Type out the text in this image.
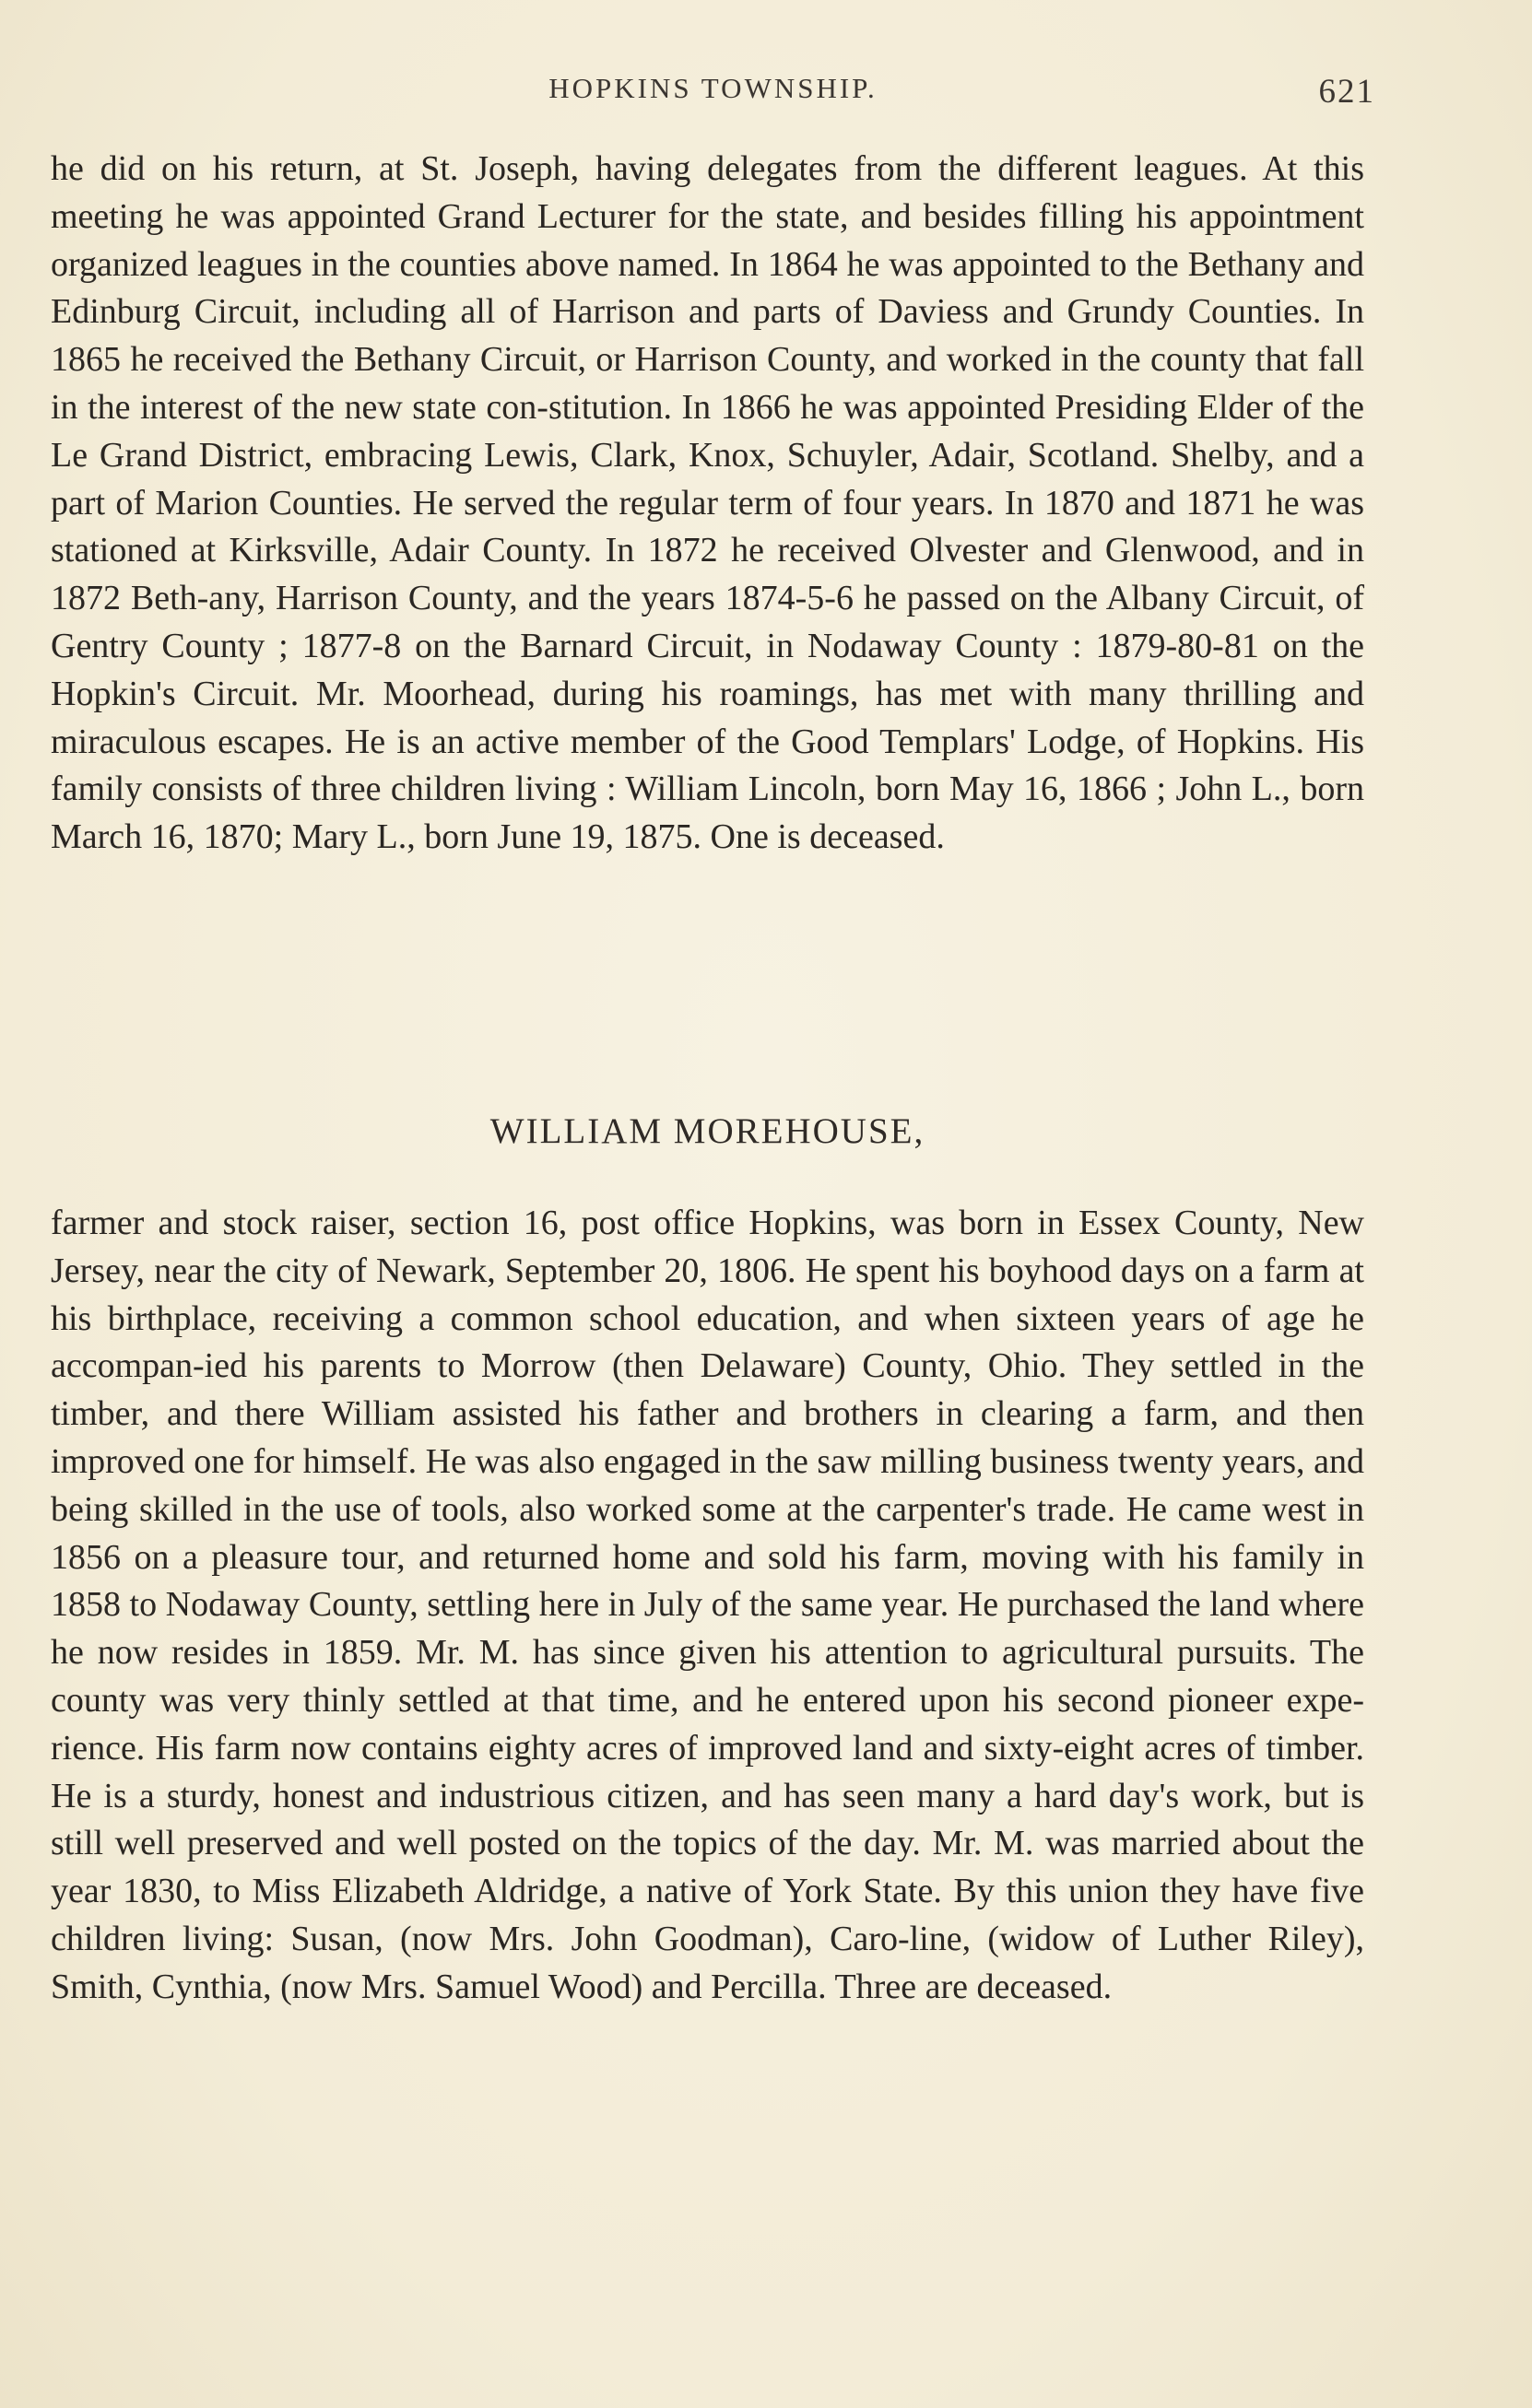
HOPKINS TOWNSHIP.	621

he did on his return, at St. Joseph, having delegates from the different leagues. At this meeting he was appointed Grand Lecturer for the state, and besides filling his appointment organized leagues in the counties above named. In 1864 he was appointed to the Bethany and Edinburg Circuit, including all of Harrison and parts of Daviess and Grundy Counties. In 1865 he received the Bethany Circuit, or Harrison County, and worked in the county that fall in the interest of the new state con-stitution. In 1866 he was appointed Presiding Elder of the Le Grand District, embracing Lewis, Clark, Knox, Schuyler, Adair, Scotland. Shelby, and a part of Marion Counties. He served the regular term of four years. In 1870 and 1871 he was stationed at Kirksville, Adair County. In 1872 he received Olvester and Glenwood, and in 1872 Beth-any, Harrison County, and the years 1874-5-6 he passed on the Albany Circuit, of Gentry County ; 1877-8 on the Barnard Circuit, in Nodaway County : 1879-80-81 on the Hopkin's Circuit. Mr. Moorhead, during his roamings, has met with many thrilling and miraculous escapes. He is an active member of the Good Templars' Lodge, of Hopkins. His family consists of three children living : William Lincoln, born May 16, 1866 ; John L., born March 16, 1870; Mary L., born June 19, 1875. One is deceased.

WILLIAM MOREHOUSE,

farmer and stock raiser, section 16, post office Hopkins, was born in Essex County, New Jersey, near the city of Newark, September 20, 1806. He spent his boyhood days on a farm at his birthplace, receiving a common school education, and when sixteen years of age he accompan-ied his parents to Morrow (then Delaware) County, Ohio. They settled in the timber, and there William assisted his father and brothers in clearing a farm, and then improved one for himself. He was also engaged in the saw milling business twenty years, and being skilled in the use of tools, also worked some at the carpenter's trade. He came west in 1856 on a pleasure tour, and returned home and sold his farm, moving with his family in 1858 to Nodaway County, settling here in July of the same year. He purchased the land where he now resides in 1859. Mr. M. has since given his attention to agricultural pursuits. The county was very thinly settled at that time, and he entered upon his second pioneer expe-rience. His farm now contains eighty acres of improved land and sixty-eight acres of timber. He is a sturdy, honest and industrious citizen, and has seen many a hard day's work, but is still well preserved and well posted on the topics of the day. Mr. M. was married about the year 1830, to Miss Elizabeth Aldridge, a native of York State. By this union they have five children living: Susan, (now Mrs. John Goodman), Caro-line, (widow of Luther Riley), Smith, Cynthia, (now Mrs. Samuel Wood) and Percilla. Three are deceased.
